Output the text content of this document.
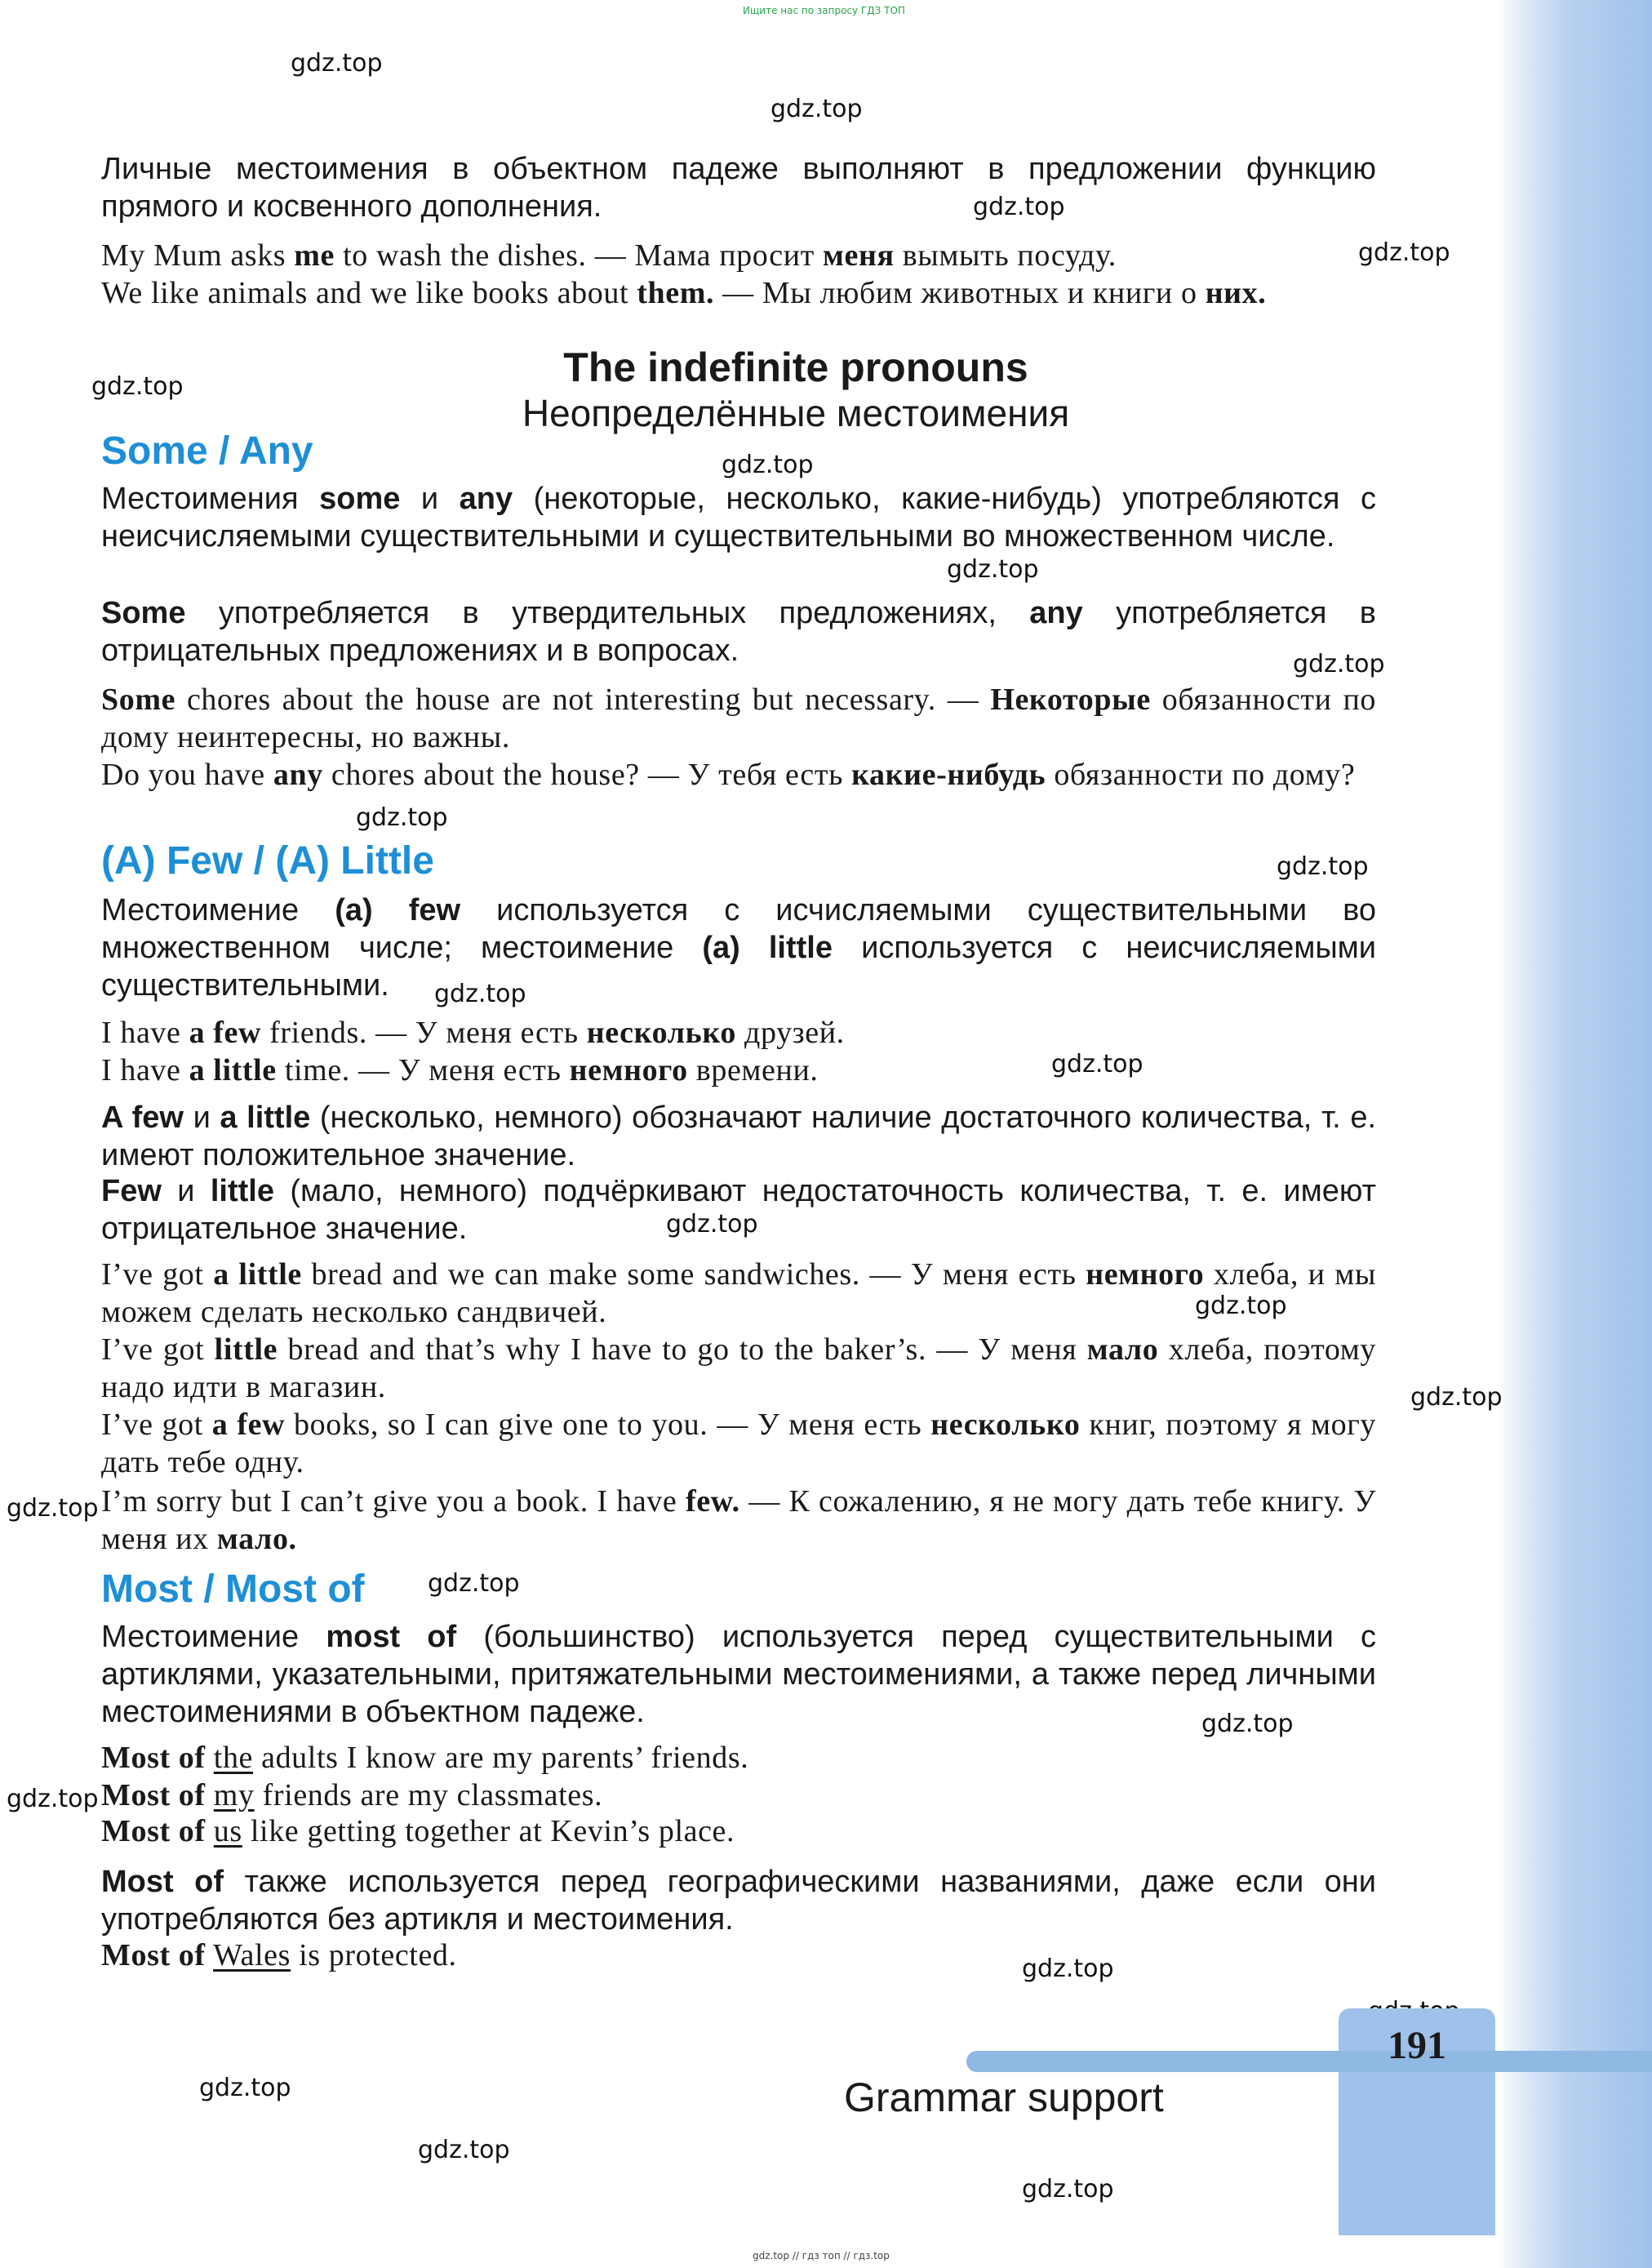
Ищите нас по запросу ГДЗ ТОП
gdz.top
gdz.top
gdz.top
gdz.top
gdz.top
gdz.top
gdz.top
gdz.top
gdz.top
gdz.top
gdz.top
gdz.top
gdz.top
gdz.top
gdz.top
gdz.top
gdz.top
gdz.top
gdz.top
gdz.top
gdz.top
gdz.top
gdz.top

Личные местоимения в объектном падеже выполняют в предложении функцию прямого и косвенного дополнения.

My Mum asks me to wash the dishes. — Мама просит меня вымыть посуду.

We like animals and we like books about them. — Мы любим животных и книги о них.

The indefinite pronouns
Неопределённые местоимения
Some / Any

Местоимения some и any (некоторые, несколько, какие-нибудь) употребляются с неисчисляемыми существительными и существительными во множественном числе.

Some употребляется в утвердительных предложениях, any употребляется в отрицательных предложениях и в вопросах.

Some chores about the house are not interesting but necessary. — Некоторые обязанности по дому неинтересны, но важны.

Do you have any chores about the house? — У тебя есть какие-нибудь обязанности по дому?

(A) Few / (A) Little

Местоимение (a) few используется с исчисляемыми существительными во множественном числе; местоимение (a) little используется с неисчисляемыми существительными.

I have a few friends. — У меня есть несколько друзей.

I have a little time. — У меня есть немного времени.

A few и a little (несколько, немного) обозначают наличие достаточного количества, т. е. имеют положительное значение.

Few и little (мало, немного) подчёркивают недостаточность количества, т. е. имеют отрицательное значение.

I’ve got a little bread and we can make some sandwiches. — У меня есть немного хлеба, и мы можем сделать несколько сандвичей.

I’ve got little bread and that’s why I have to go to the baker’s. — У меня мало хлеба, поэтому надо идти в магазин.

I’ve got a few books, so I can give one to you. — У меня есть несколько книг, поэтому я могу дать тебе одну.

I’m sorry but I can’t give you a book. I have few. — К сожалению, я не могу дать тебе книгу. У меня их мало.

Most / Most of

Местоимение most of (большинство) используется перед существительными с артиклями, указательными, притяжательными местоимениями, а также перед личными местоимениями в объектном падеже.

Most of the adults I know are my parents’ friends.

Most of my friends are my classmates.

Most of us like getting together at Kevin’s place.

Most of также используется перед географическими названиями, даже если они употребляются без артикля и местоимения.

Most of Wales is protected.

191
Grammar support
gdz.top // гдз топ // гдз.top
